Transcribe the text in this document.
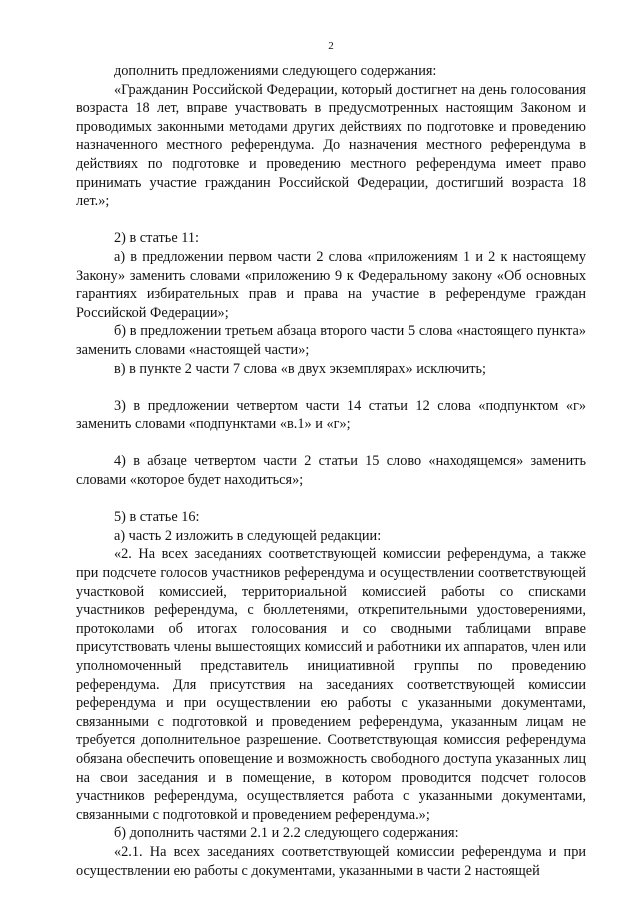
2

дополнить предложениями следующего содержания:

«Гражданин Российской Федерации, который достигнет на день голосования возраста 18 лет, вправе участвовать в предусмотренных настоящим Законом и проводимых законными методами других действиях по подготовке и проведению назначенного местного референдума. До назначения местного референдума в действиях по подготовке и проведению местного референдума имеет право принимать участие гражданин Российской Федерации, достигший возраста 18 лет.»;

2) в статье 11:

а) в предложении первом части 2 слова «приложениям 1 и 2 к настоящему Закону» заменить словами «приложению 9 к Федеральному закону «Об основных гарантиях избирательных прав и права на участие в референдуме граждан Российской Федерации»;

б) в предложении третьем абзаца второго части 5 слова «настоящего пункта» заменить словами «настоящей части»;

в) в пункте 2 части 7 слова «в двух экземплярах» исключить;

3) в предложении четвертом части 14 статьи 12 слова «подпунктом «г» заменить словами «подпунктами «в.1» и «г»;

4) в абзаце четвертом части 2 статьи 15 слово «находящемся» заменить словами «которое будет находиться»;

5) в статье 16:

а) часть 2 изложить в следующей редакции:

«2. На всех заседаниях соответствующей комиссии референдума, а также при подсчете голосов участников референдума и осуществлении соответствующей участковой комиссией, территориальной комиссией работы со списками участников референдума, с бюллетенями, открепительными удостоверениями, протоколами об итогах голосования и со сводными таблицами вправе присутствовать члены вышестоящих комиссий и работники их аппаратов, член или уполномоченный представитель инициативной группы по проведению референдума. Для присутствия на заседаниях соответствующей комиссии референдума и при осуществлении ею работы с указанными документами, связанными с подготовкой и проведением референдума, указанным лицам не требуется дополнительное разрешение. Соответствующая комиссия референдума обязана обеспечить оповещение и возможность свободного доступа указанных лиц на свои заседания и в помещение, в котором проводится подсчет голосов участников референдума, осуществляется работа с указанными документами, связанными с подготовкой и проведением референдума.»;

б) дополнить частями 2.1 и 2.2 следующего содержания:

«2.1. На всех заседаниях соответствующей комиссии референдума и при осуществлении ею работы с документами, указанными в части 2 настоящей
